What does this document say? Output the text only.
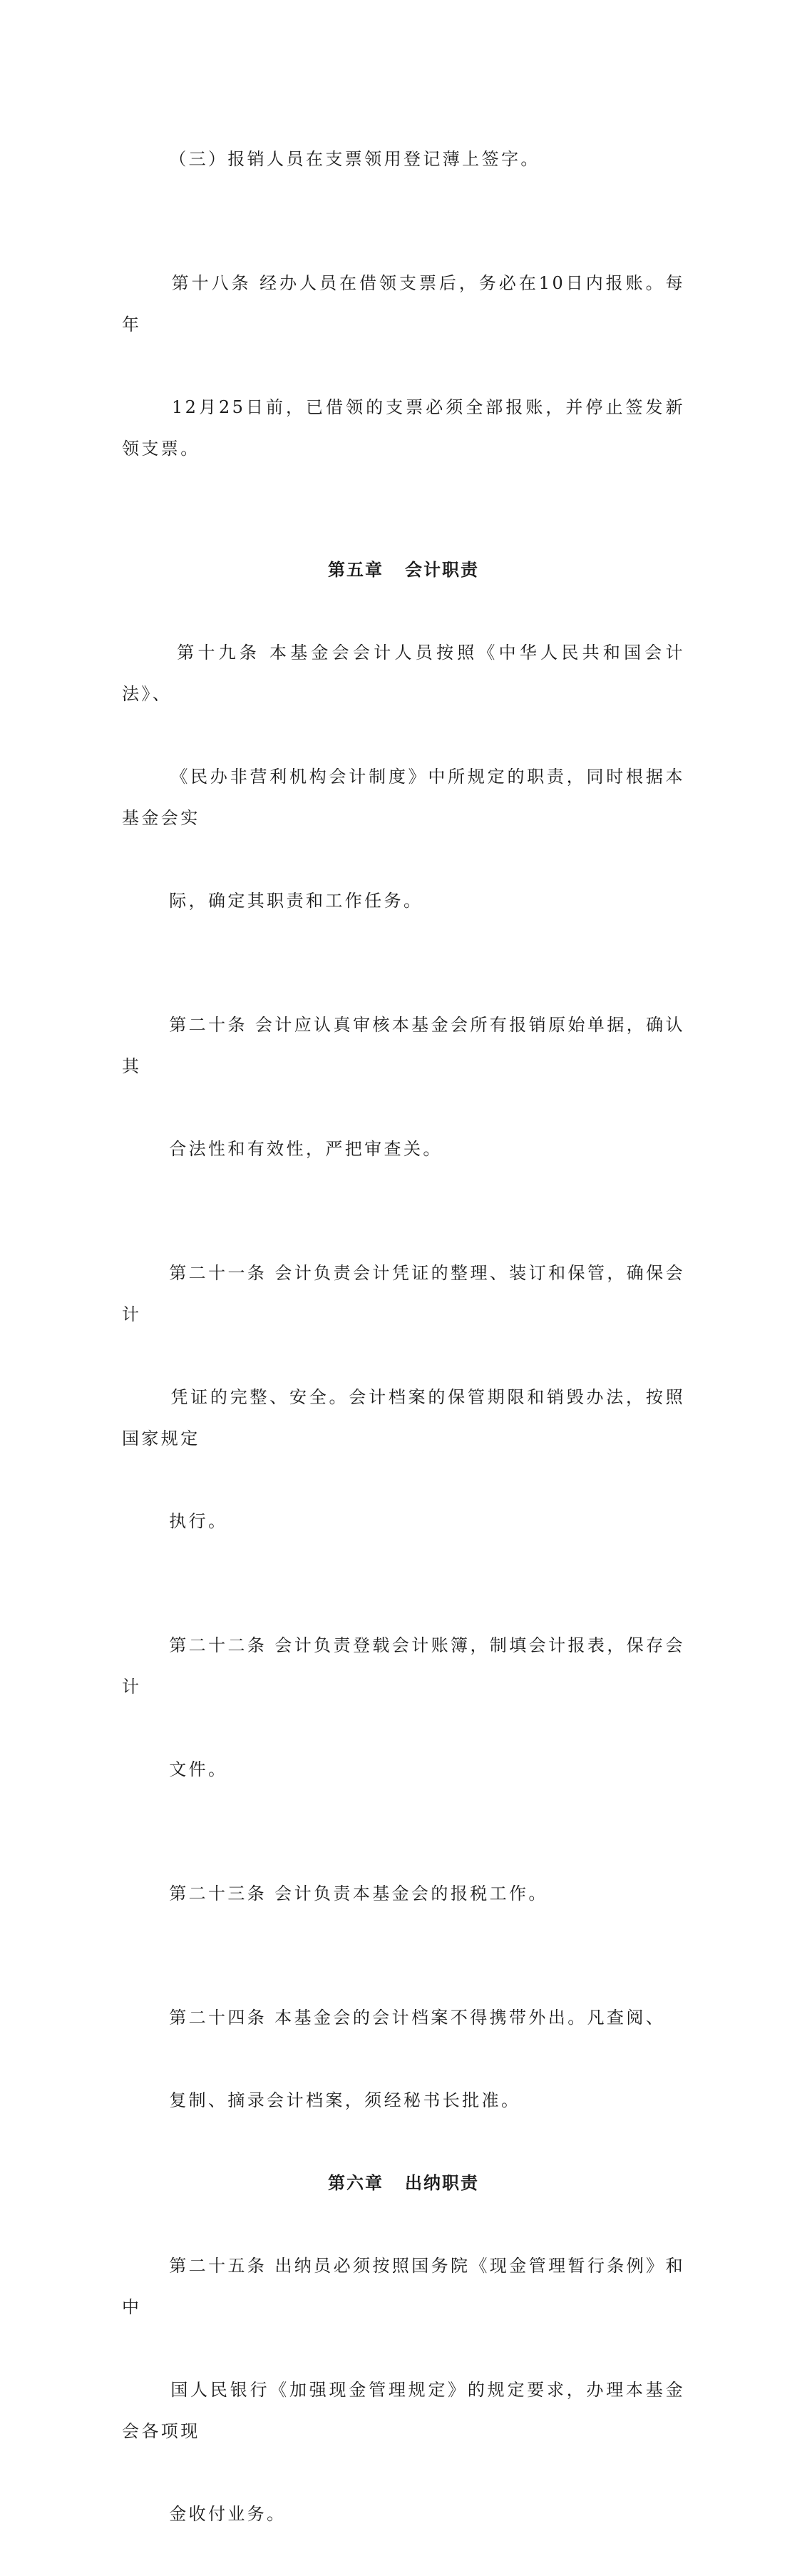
（三）报销人员在支票领用登记薄上签字。

第十八条 经办人员在借领支票后，务必在10日内报账。每年

12月25日前，已借领的支票必须全部报账，并停止签发新领支票。

第五章 会计职责

第十九条 本基金会会计人员按照《中华人民共和国会计法》、

《民办非营利机构会计制度》中所规定的职责，同时根据本基金会实

际，确定其职责和工作任务。

第二十条 会计应认真审核本基金会所有报销原始单据，确认其

合法性和有效性，严把审查关。

第二十一条 会计负责会计凭证的整理、装订和保管，确保会计

凭证的完整、安全。会计档案的保管期限和销毁办法，按照国家规定

执行。

第二十二条 会计负责登载会计账簿，制填会计报表，保存会计

文件。

第二十三条 会计负责本基金会的报税工作。

第二十四条 本基金会的会计档案不得携带外出。凡查阅、

复制、摘录会计档案，须经秘书长批准。

第六章 出纳职责

第二十五条 出纳员必须按照国务院《现金管理暂行条例》和中

国人民银行《加强现金管理规定》的规定要求，办理本基金会各项现

金收付业务。
